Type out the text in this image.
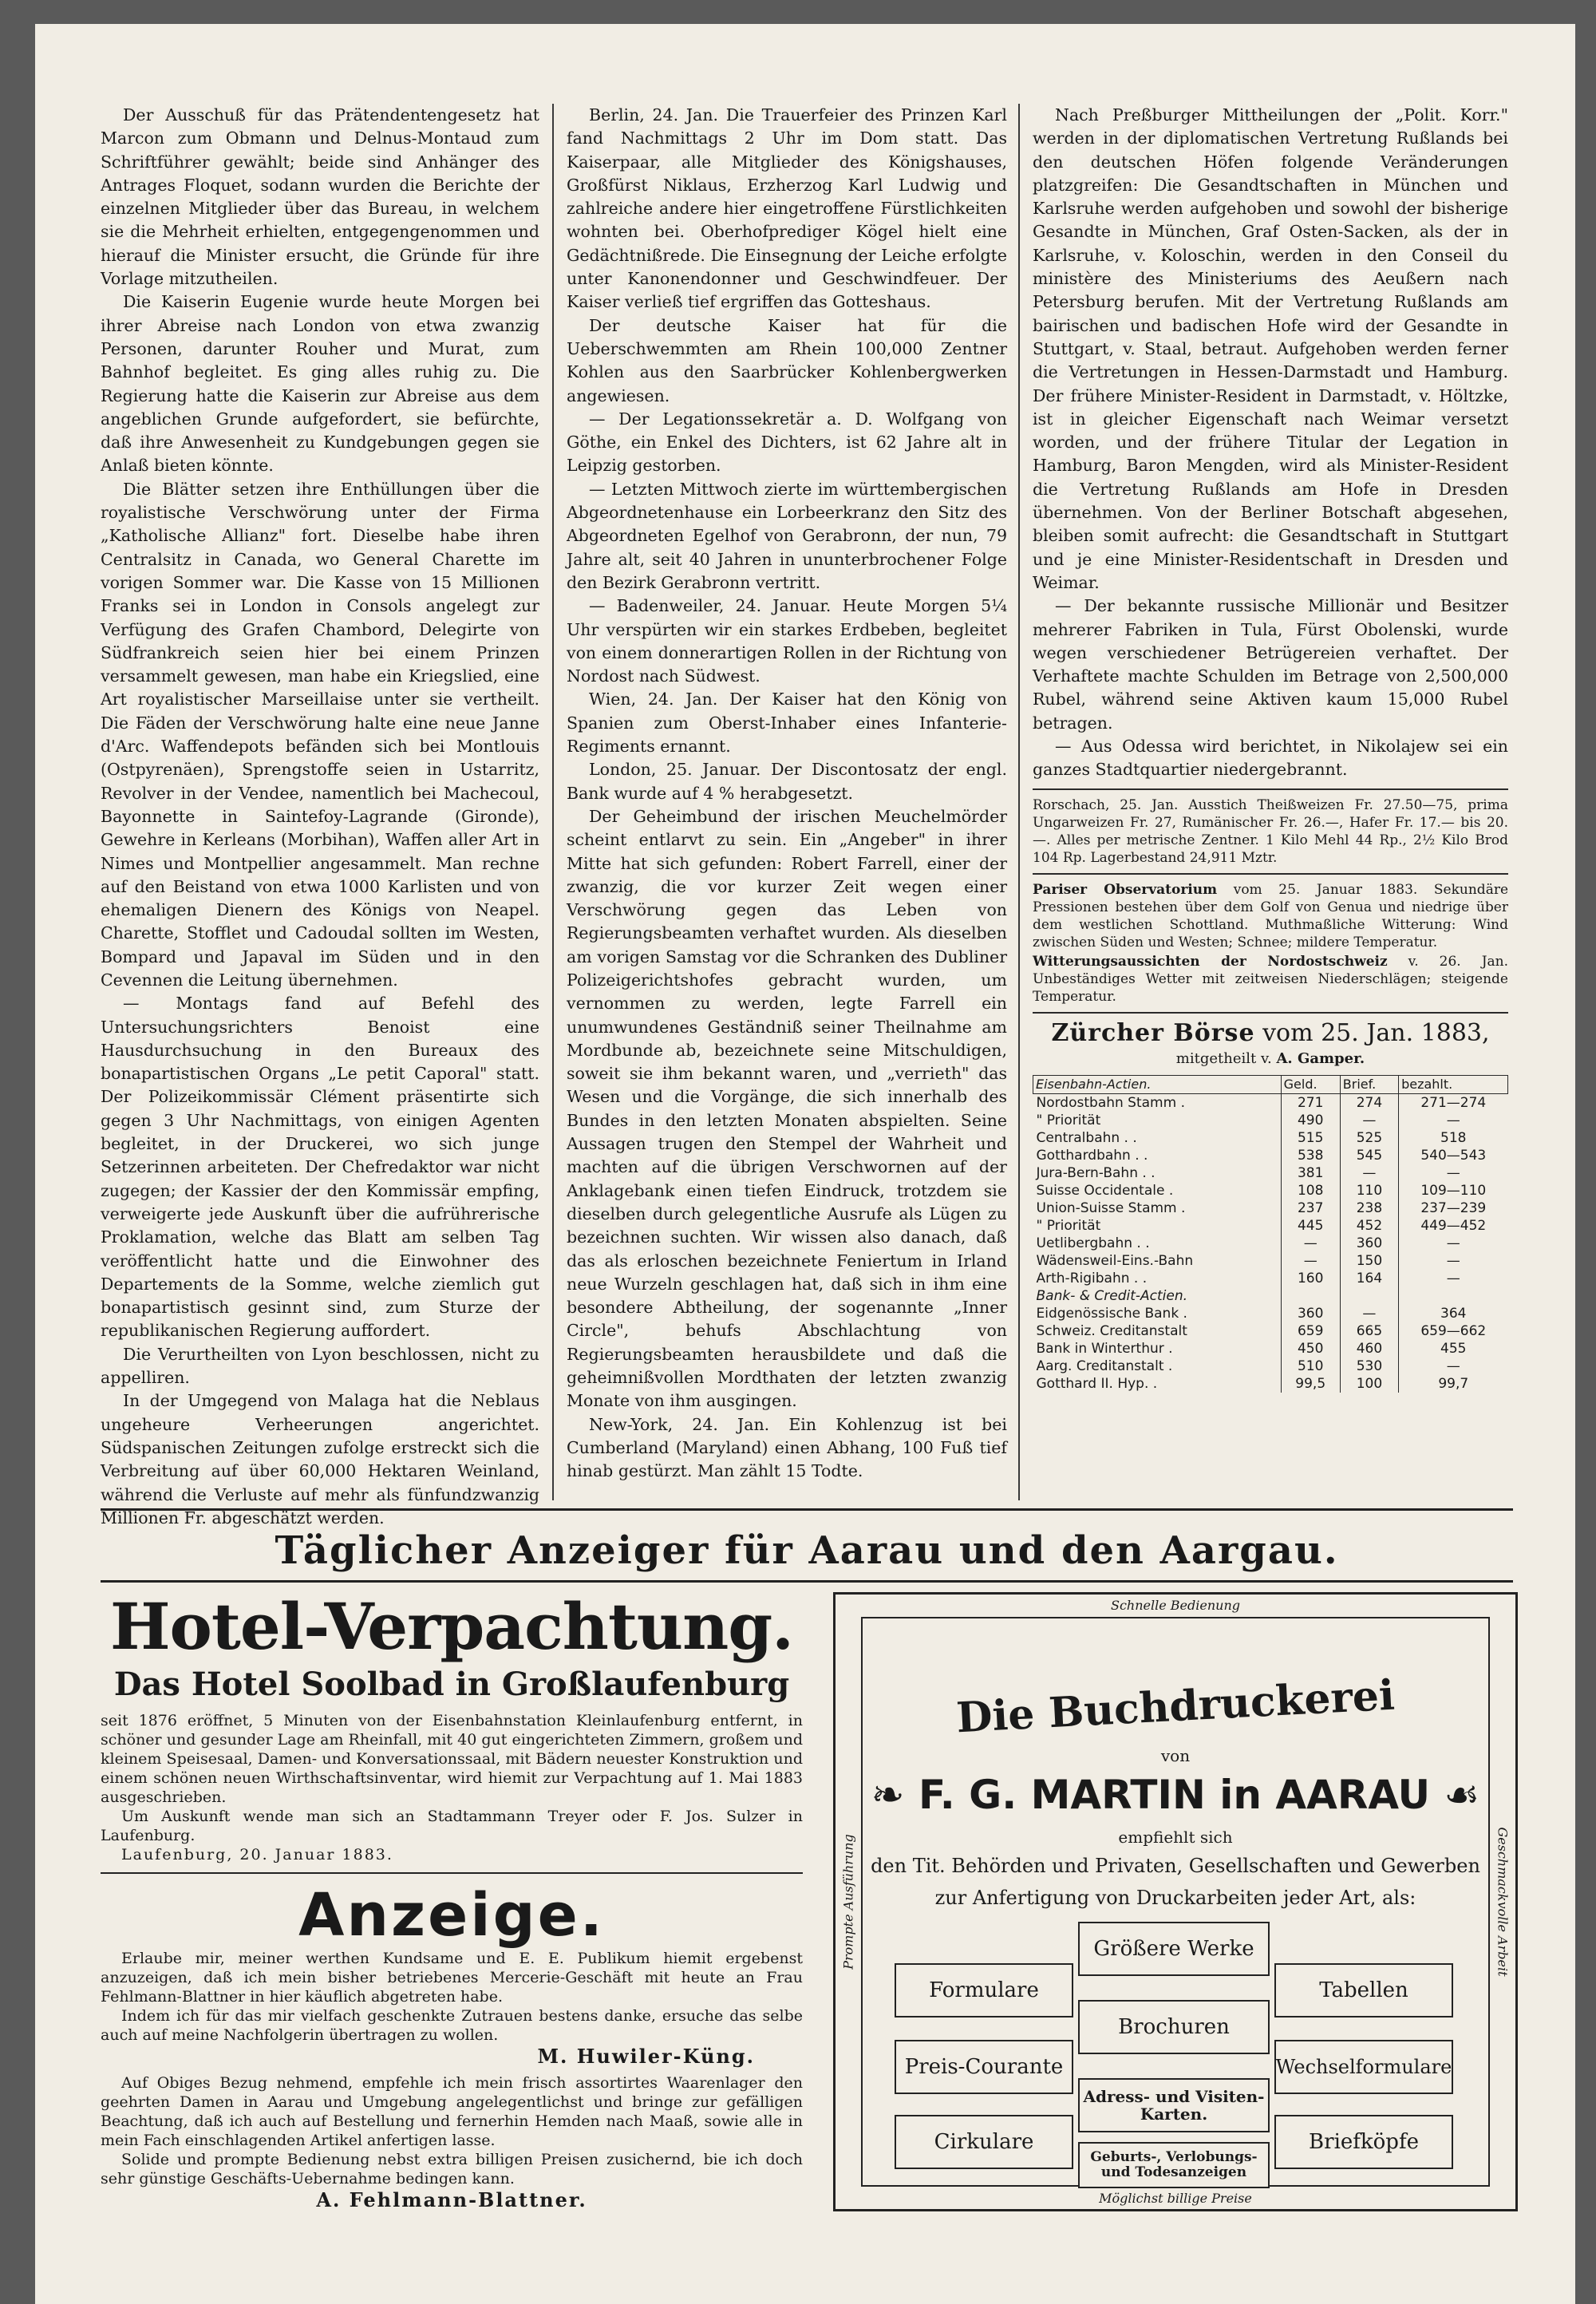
Der Ausschuß für das Prätendentengesetz hat Marcon zum Obmann und Delnus-Montaud zum Schriftführer gewählt; beide sind Anhänger des Antrages Floquet, sodann wurden die Berichte der einzelnen Mitglieder über das Bureau, in welchem sie die Mehrheit erhielten, entgegengenommen und hierauf die Minister ersucht, die Gründe für ihre Vorlage mitzutheilen.

Die Kaiserin Eugenie wurde heute Morgen bei ihrer Abreise nach London von etwa zwanzig Personen, darunter Rouher und Murat, zum Bahnhof begleitet. Es ging alles ruhig zu. Die Regierung hatte die Kaiserin zur Abreise aus dem angeblichen Grunde aufgefordert, sie befürchte, daß ihre Anwesenheit zu Kundgebungen gegen sie Anlaß bieten könnte.

Die Blätter setzen ihre Enthüllungen über die royalistische Verschwörung unter der Firma „Katholische Allianz" fort. Dieselbe habe ihren Centralsitz in Canada, wo General Charette im vorigen Sommer war. Die Kasse von 15 Millionen Franks sei in London in Consols angelegt zur Verfügung des Grafen Chambord, Delegirte von Südfrankreich seien hier bei einem Prinzen versammelt gewesen, man habe ein Kriegslied, eine Art royalistischer Marseillaise unter sie vertheilt. Die Fäden der Verschwörung halte eine neue Janne d'Arc. Waffendepots befänden sich bei Montlouis (Ostpyrenäen), Sprengstoffe seien in Ustarritz, Revolver in der Vendee, namentlich bei Machecoul, Bayonnette in Saintefoy-Lagrande (Gironde), Gewehre in Kerleans (Morbihan), Waffen aller Art in Nimes und Montpellier angesammelt. Man rechne auf den Beistand von etwa 1000 Karlisten und von ehemaligen Dienern des Königs von Neapel. Charette, Stofflet und Cadoudal sollten im Westen, Bompard und Japaval im Süden und in den Cevennen die Leitung übernehmen.

— Montags fand auf Befehl des Untersuchungsrichters Benoist eine Hausdurchsuchung in den Bureaux des bonapartistischen Organs „Le petit Caporal" statt. Der Polizeikommissär Clément präsentirte sich gegen 3 Uhr Nachmittags, von einigen Agenten begleitet, in der Druckerei, wo sich junge Setzerinnen arbeiteten. Der Chefredaktor war nicht zugegen; der Kassier der den Kommissär empfing, verweigerte jede Auskunft über die aufrührerische Proklamation, welche das Blatt am selben Tag veröffentlicht hatte und die Einwohner des Departements de la Somme, welche ziemlich gut bonapartistisch gesinnt sind, zum Sturze der republikanischen Regierung auffordert.

Die Verurtheilten von Lyon beschlossen, nicht zu appelliren.

In der Umgegend von Malaga hat die Neblaus ungeheure Verheerungen angerichtet. Südspanischen Zeitungen zufolge erstreckt sich die Verbreitung auf über 60,000 Hektaren Weinland, während die Verluste auf mehr als fünfundzwanzig Millionen Fr. abgeschätzt werden.

Berlin, 24. Jan. Die Trauerfeier des Prinzen Karl fand Nachmittags 2 Uhr im Dom statt. Das Kaiserpaar, alle Mitglieder des Königshauses, Großfürst Niklaus, Erzherzog Karl Ludwig und zahlreiche andere hier eingetroffene Fürstlichkeiten wohnten bei. Oberhofprediger Kögel hielt eine Gedächtnißrede. Die Einsegnung der Leiche erfolgte unter Kanonendonner und Geschwindfeuer. Der Kaiser verließ tief ergriffen das Gotteshaus.

Der deutsche Kaiser hat für die Ueberschwemmten am Rhein 100,000 Zentner Kohlen aus den Saarbrücker Kohlenbergwerken angewiesen.

— Der Legationssekretär a. D. Wolfgang von Göthe, ein Enkel des Dichters, ist 62 Jahre alt in Leipzig gestorben.

— Letzten Mittwoch zierte im württembergischen Abgeordnetenhause ein Lorbeerkranz den Sitz des Abgeordneten Egelhof von Gerabronn, der nun, 79 Jahre alt, seit 40 Jahren in ununterbrochener Folge den Bezirk Gerabronn vertritt.

— Badenweiler, 24. Januar. Heute Morgen 5¼ Uhr verspürten wir ein starkes Erdbeben, begleitet von einem donnerartigen Rollen in der Richtung von Nordost nach Südwest.

Wien, 24. Jan. Der Kaiser hat den König von Spanien zum Oberst-Inhaber eines Infanterie-Regiments ernannt.

London, 25. Januar. Der Discontosatz der engl. Bank wurde auf 4 % herabgesetzt.

Der Geheimbund der irischen Meuchelmörder scheint entlarvt zu sein. Ein „Angeber" in ihrer Mitte hat sich gefunden: Robert Farrell, einer der zwanzig, die vor kurzer Zeit wegen einer Verschwörung gegen das Leben von Regierungsbeamten verhaftet wurden. Als dieselben am vorigen Samstag vor die Schranken des Dubliner Polizeigerichtshofes gebracht wurden, um vernommen zu werden, legte Farrell ein unumwundenes Geständniß seiner Theilnahme am Mordbunde ab, bezeichnete seine Mitschuldigen, soweit sie ihm bekannt waren, und „verrieth" das Wesen und die Vorgänge, die sich innerhalb des Bundes in den letzten Monaten abspielten. Seine Aussagen trugen den Stempel der Wahrheit und machten auf die übrigen Verschwornen auf der Anklagebank einen tiefen Eindruck, trotzdem sie dieselben durch gelegentliche Ausrufe als Lügen zu bezeichnen suchten. Wir wissen also danach, daß das als erloschen bezeichnete Feniertum in Irland neue Wurzeln geschlagen hat, daß sich in ihm eine besondere Abtheilung, der sogenannte „Inner Circle", behufs Abschlachtung von Regierungsbeamten herausbildete und daß die geheimnißvollen Mordthaten der letzten zwanzig Monate von ihm ausgingen.

New-York, 24. Jan. Ein Kohlenzug ist bei Cumberland (Maryland) einen Abhang, 100 Fuß tief hinab gestürzt. Man zählt 15 Todte.

Nach Preßburger Mittheilungen der „Polit. Korr." werden in der diplomatischen Vertretung Rußlands bei den deutschen Höfen folgende Veränderungen platzgreifen: Die Gesandtschaften in München und Karlsruhe werden aufgehoben und sowohl der bisherige Gesandte in München, Graf Osten-Sacken, als der in Karlsruhe, v. Koloschin, werden in den Conseil du ministère des Ministeriums des Aeußern nach Petersburg berufen. Mit der Vertretung Rußlands am bairischen und badischen Hofe wird der Gesandte in Stuttgart, v. Staal, betraut. Aufgehoben werden ferner die Vertretungen in Hessen-Darmstadt und Hamburg. Der frühere Minister-Resident in Darmstadt, v. Höltzke, ist in gleicher Eigenschaft nach Weimar versetzt worden, und der frühere Titular der Legation in Hamburg, Baron Mengden, wird als Minister-Resident die Vertretung Rußlands am Hofe in Dresden übernehmen. Von der Berliner Botschaft abgesehen, bleiben somit aufrecht: die Gesandtschaft in Stuttgart und je eine Minister-Residentschaft in Dresden und Weimar.

— Der bekannte russische Millionär und Besitzer mehrerer Fabriken in Tula, Fürst Obolenski, wurde wegen verschiedener Betrügereien verhaftet. Der Verhaftete machte Schulden im Betrage von 2,500,000 Rubel, während seine Aktiven kaum 15,000 Rubel betragen.

— Aus Odessa wird berichtet, in Nikolajew sei ein ganzes Stadtquartier niedergebrannt.

Rorschach, 25. Jan. Ausstich Theißweizen Fr. 27.50—75, prima Ungarweizen Fr. 27, Rumänischer Fr. 26.—, Hafer Fr. 17.— bis 20.—. Alles per metrische Zentner. 1 Kilo Mehl 44 Rp., 2½ Kilo Brod 104 Rp. Lagerbestand 24,911 Mztr.
Pariser Observatorium vom 25. Januar 1883. Sekundäre Pressionen bestehen über dem Golf von Genua und niedrige über dem westlichen Schottland. Muthmaßliche Witterung: Wind zwischen Süden und Westen; Schnee; mildere Temperatur.
Witterungsaussichten der Nordostschweiz v. 26. Jan. Unbeständiges Wetter mit zeitweisen Niederschlägen; steigende Temperatur.
Zürcher Börse vom 25. Jan. 1883,
mitgetheilt v. A. Gamper.
Eisenbahn-Actien.	Geld.	Brief.	bezahlt.
Nordostbahn Stamm .	271	274	271—274
" Priorität	490	—	—
Centralbahn . .	515	525	518
Gotthardbahn . .	538	545	540—543
Jura-Bern-Bahn . .	381	—	—
Suisse Occidentale .	108	110	109—110
Union-Suisse Stamm .	237	238	237—239
" Priorität	445	452	449—452
Uetlibergbahn . .	—	360	—
Wädensweil-Eins.-Bahn	—	150	—
Arth-Rigibahn . .	160	164	—
Bank- & Credit-Actien.			
Eidgenössische Bank .	360	—	364
Schweiz. Creditanstalt	659	665	659—662
Bank in Winterthur .	450	460	455
Aarg. Creditanstalt .	510	530	—
Gotthard II. Hyp. .	99,5	100	99,7
Täglicher Anzeiger für Aarau und den Aargau.
Hotel-Verpachtung.
Das Hotel Soolbad in Großlaufenburg

seit 1876 eröffnet, 5 Minuten von der Eisenbahnstation Kleinlaufenburg entfernt, in schöner und gesunder Lage am Rheinfall, mit 40 gut eingerichteten Zimmern, großem und kleinem Speisesaal, Damen- und Konversationssaal, mit Bädern neuester Konstruktion und einem schönen neuen Wirthschaftsinventar, wird hiemit zur Verpachtung auf 1. Mai 1883 ausgeschrieben.

Um Auskunft wende man sich an Stadtammann Treyer oder F. Jos. Sulzer in Laufenburg.

Laufenburg, 20. Januar 1883.

Anzeige.

Erlaube mir, meiner werthen Kundsame und E. E. Publikum hiemit ergebenst anzuzeigen, daß ich mein bisher betriebenes Mercerie-Geschäft mit heute an Frau Fehlmann-Blattner in hier käuflich abgetreten habe.

Indem ich für das mir vielfach geschenkte Zutrauen bestens danke, ersuche das selbe auch auf meine Nachfolgerin übertragen zu wollen.

M. Huwiler-Küng.

Auf Obiges Bezug nehmend, empfehle ich mein frisch assortirtes Waarenlager den geehrten Damen in Aarau und Umgebung angelegentlichst und bringe zur gefälligen Beachtung, daß ich auch auf Bestellung und fernerhin Hemden nach Maaß, sowie alle in mein Fach einschlagenden Artikel anfertigen lasse.

Solide und prompte Bedienung nebst extra billigen Preisen zusichernd, bie ich doch sehr günstige Geschäfts-Uebernahme bedingen kann.

A. Fehlmann-Blattner.
Die Buchdruckerei
von
❧ F. G. MARTIN in AARAU ☙
empfiehlt sich
den Tit. Behörden und Privaten, Gesellschaften und Gewerben
zur Anfertigung von Druckarbeiten jeder Art, als:
Größere Werke
Formulare	Tabellen
Brochuren
Preis-Courante	Wechselformulare
Adress- und Visiten-Karten.
Cirkulare	Briefköpfe
Geburts-, Verlobungs- und Todesanzeigen
Schnelle Bedienung
Möglichst billige Preise
Prompte Ausführung	Geschmackvolle Arbeit
